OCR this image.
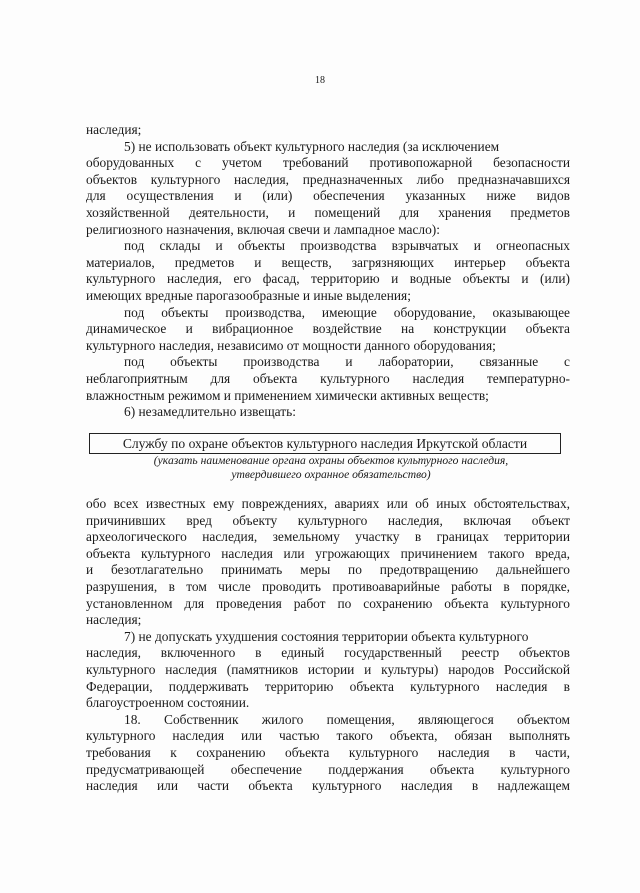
18
наследия;
5) не использовать объект культурного наследия (за исключением
оборудованных с учетом требований противопожарной безопасности
объектов культурного наследия, предназначенных либо предназначавшихся
для осуществления и (или) обеспечения указанных ниже видов
хозяйственной деятельности, и помещений для хранения предметов
религиозного назначения, включая свечи и лампадное масло):
под склады и объекты производства взрывчатых и огнеопасных
материалов, предметов и веществ, загрязняющих интерьер объекта
культурного наследия, его фасад, территорию и водные объекты и (или)
имеющих вредные парогазообразные и иные выделения;
под объекты производства, имеющие оборудование, оказывающее
динамическое и вибрационное воздействие на конструкции объекта
культурного наследия, независимо от мощности данного оборудования;
под объекты производства и лаборатории, связанные с
неблагоприятным для объекта культурного наследия температурно-
влажностным режимом и применением химически активных веществ;
6) незамедлительно извещать:
Службу по охране объектов культурного наследия Иркутской области
(указать наименование органа охраны объектов культурного наследия,
утвердившего охранное обязательство)
обо всех известных ему повреждениях, авариях или об иных обстоятельствах,
причинивших вред объекту культурного наследия, включая объект
археологического наследия, земельному участку в границах территории
объекта культурного наследия или угрожающих причинением такого вреда,
и безотлагательно принимать меры по предотвращению дальнейшего
разрушения, в том числе проводить противоаварийные работы в порядке,
установленном для проведения работ по сохранению объекта культурного
наследия;
7) не допускать ухудшения состояния территории объекта культурного
наследия, включенного в единый государственный реестр объектов
культурного наследия (памятников истории и культуры) народов Российской
Федерации, поддерживать территорию объекта культурного наследия в
благоустроенном состоянии.
18. Собственник жилого помещения, являющегося объектом
культурного наследия или частью такого объекта, обязан выполнять
требования к сохранению объекта культурного наследия в части,
предусматривающей обеспечение поддержания объекта культурного
наследия или части объекта культурного наследия в надлежащем
